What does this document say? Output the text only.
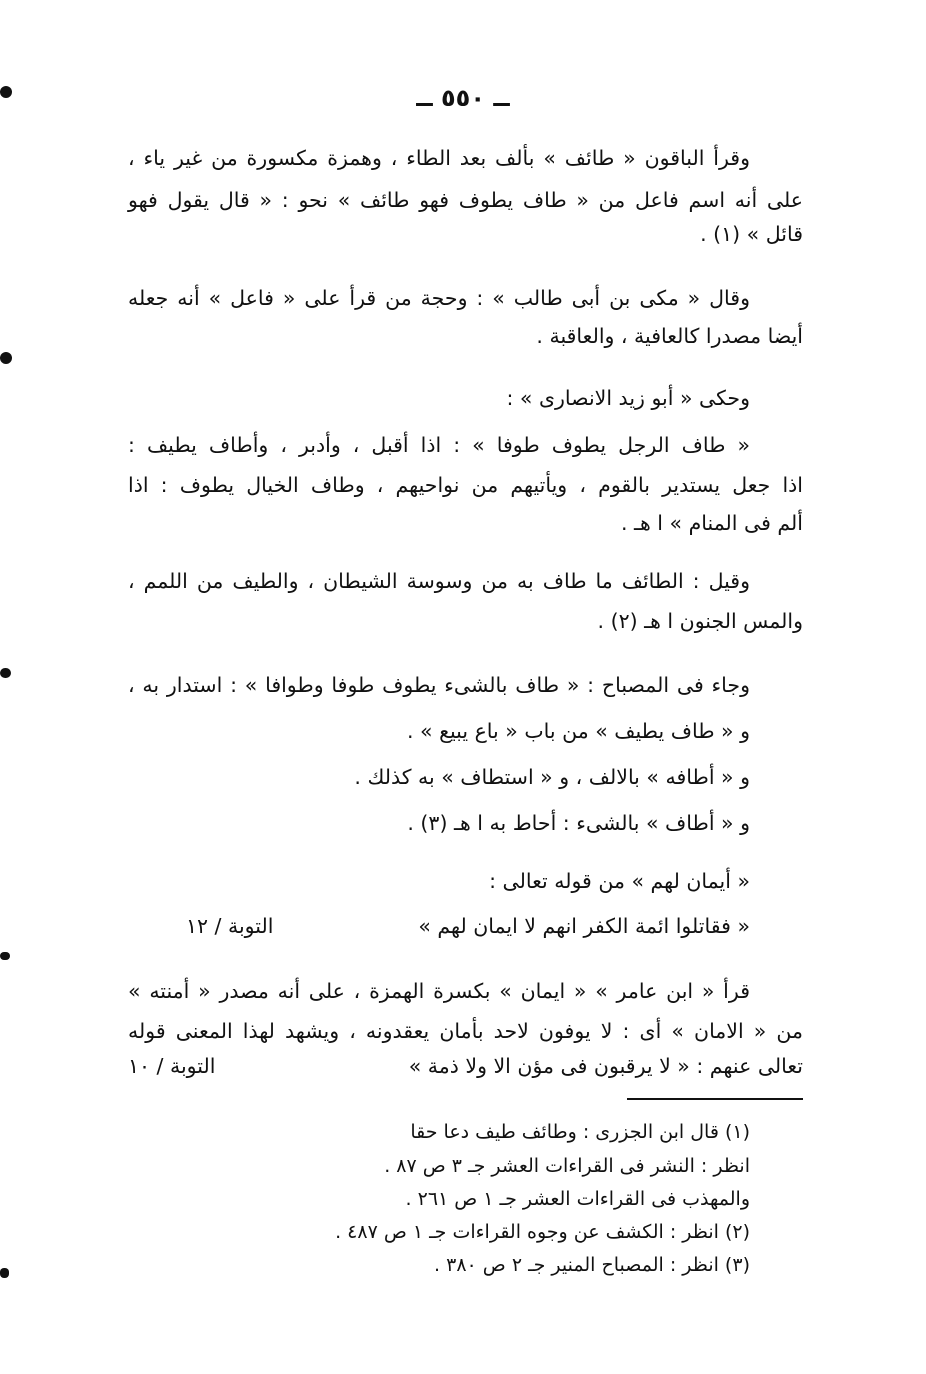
ــ ٥٥٠ ــ
وقرأ الباقون « طائف » بألف بعد الطاء ، وهمزة مكسورة من غير ياء ،
على أنه اسم فاعل من « طاف يطوف فهو طائف » نحو : « قال يقول فهو
قائل » (١) .
وقال « مكى بن أبى طالب » : وحجة من قرأ على « فاعل » أنه جعله
أيضا مصدرا كالعافية ، والعاقبة .
وحكى « أبو زيد الانصارى » :
« طاف الرجل يطوف طوفا » : اذا أقبل ، وأدبر ، وأطاف يطيف :
اذا جعل يستدير بالقوم ، ويأتيهم من نواحيهم ، وطاف الخيال يطوف : اذا
ألم فى المنام » ا هـ .
وقيل : الطائف ما طاف به من وسوسة الشيطان ، والطيف من اللمم ،
والمس الجنون ا هـ (٢) .
وجاء فى المصباح : « طاف بالشىء يطوف طوفا وطوافا » : استدار به ،
و « طاف يطيف » من باب « باع يبيع » .
و « أطافه » بالالف ، و « استطاف » به كذلك .
و « أطاف » بالشىء : أحاط به ا هـ (٣) .
« أيمان لهم » من قوله تعالى :
« فقاتلوا ائمة الكفر انهم لا ايمان لهم »
التوبة / ١٢
قرأ « ابن عامر » « ايمان » بكسرة الهمزة ، على أنه مصدر « أمنته »
من « الامان » أى : لا يوفون لاحد بأمان يعقدونه ، ويشهد لهذا المعنى قوله
تعالى عنهم : « لا يرقبون فى مؤن الا ولا ذمة »
التوبة / ١٠
(١) قال ابن الجزرى : وطائف طيف دعا حقا
انظر : النشر فى القراءات العشر جـ ٣ ص ٨٧ .
والمهذب فى القراءات العشر جـ ١ ص ٢٦١ .
(٢) انظر : الكشف عن وجوه القراءات جـ ١ ص ٤٨٧ .
(٣) انظر : المصباح المنير جـ ٢ ص ٣٨٠ .
